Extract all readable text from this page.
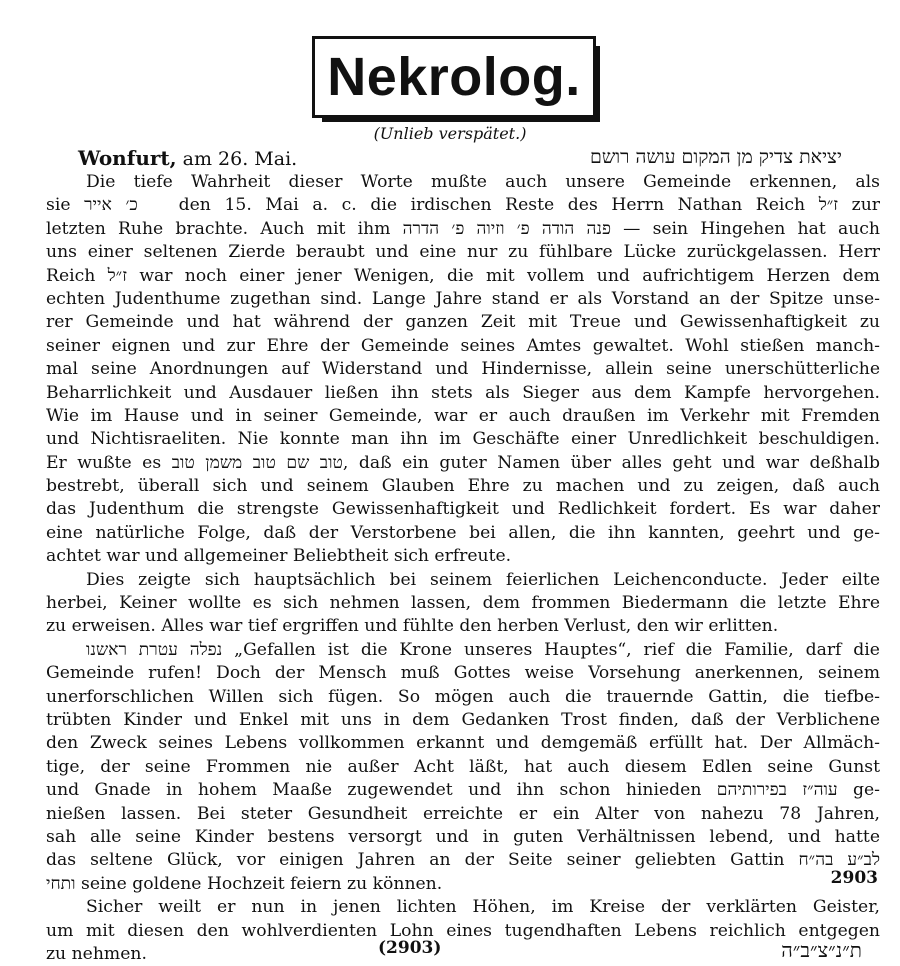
Nekrolog.
(Unlieb verspätet.)
Wonfurt, am 26. Mai.	יציאת צדיק מן המקום עושה רושם
Die tiefe Wahrheit dieser Worte mußte auch unsere Gemeinde erkennen, als
sie כ׳ אייר   den 15. Mai a. c. die irdischen Reste des Herrn Nathan Reich ז״ל zur
letzten Ruhe brachte. Auch mit ihm פנה הודה פ׳ וזיוה פ׳ הדרה — sein Hingehen hat auch
uns einer seltenen Zierde beraubt und eine nur zu fühlbare Lücke zurückgelassen. Herr
Reich ז״ל war noch einer jener Wenigen, die mit vollem und aufrichtigem Herzen dem
echten Judenthume zugethan sind. Lange Jahre stand er als Vorstand an der Spitze unse-
rer Gemeinde und hat während der ganzen Zeit mit Treue und Gewissenhaftigkeit zu
seiner eignen und zur Ehre der Gemeinde seines Amtes gewaltet. Wohl stießen manch-
mal seine Anordnungen auf Widerstand und Hindernisse, allein seine unerschütterliche
Beharrlichkeit und Ausdauer ließen ihn stets als Sieger aus dem Kampfe hervorgehen.
Wie im Hause und in seiner Gemeinde, war er auch draußen im Verkehr mit Fremden
und Nichtisraeliten. Nie konnte man ihn im Geschäfte einer Unredlichkeit beschuldigen.
Er wußte es טוב שם טוב משמן טוב, daß ein guter Namen über alles geht und war deßhalb
bestrebt, überall sich und seinem Glauben Ehre zu machen und zu zeigen, daß auch
das Judenthum die strengste Gewissenhaftigkeit und Redlichkeit fordert. Es war daher
eine natürliche Folge, daß der Verstorbene bei allen, die ihn kannten, geehrt und ge-
achtet war und allgemeiner Beliebtheit sich erfreute.
Dies zeigte sich hauptsächlich bei seinem feierlichen Leichenconducte. Jeder eilte
herbei, Keiner wollte es sich nehmen lassen, dem frommen Biedermann die letzte Ehre
zu erweisen. Alles war tief ergriffen und fühlte den herben Verlust, den wir erlitten.
נפלה עטרת ראשנו „Gefallen ist die Krone unseres Hauptes“, rief die Familie, darf die
Gemeinde rufen! Doch der Mensch muß Gottes weise Vorsehung anerkennen, seinem
unerforschlichen Willen sich fügen. So mögen auch die trauernde Gattin, die tiefbe-
trübten Kinder und Enkel mit uns in dem Gedanken Trost finden, daß der Verblichene
den Zweck seines Lebens vollkommen erkannt und demgemäß erfüllt hat. Der Allmäch-
tige, der seine Frommen nie außer Acht läßt, hat auch diesem Edlen seine Gunst
und Gnade in hohem Maaße zugewendet und ihn schon hinieden עוה״ז בפירותיהם ge-
nießen lassen. Bei steter Gesundheit erreichte er ein Alter von nahezu 78 Jahren,
sah alle seine Kinder bestens versorgt und in guten Verhältnissen lebend, und hatte
das seltene Glück, vor einigen Jahren an der Seite seiner geliebten Gattin לב״ע בה״ח
ותחי seine goldene Hochzeit feiern zu können.
Sicher weilt er nun in jenen lichten Höhen, im Kreise der verklärten Geister,
um mit diesen den wohlverdienten Lohn eines tugendhaften Lebens reichlich entgegen
zu nehmen.
2903
(2903)	ת״נ״צ״ב״ה
